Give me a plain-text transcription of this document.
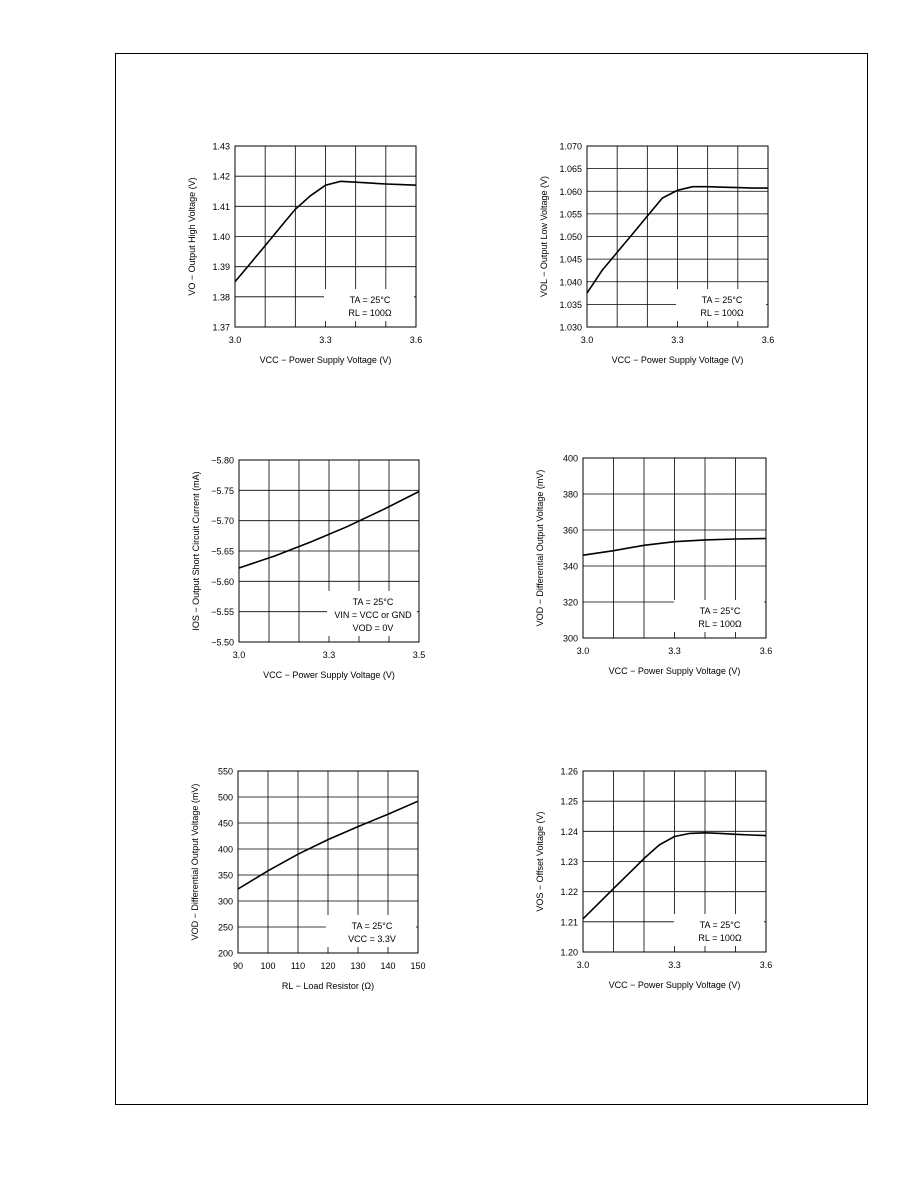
1.43
1.42
1.41
1.40
1.39
1.38
1.37
3.0	3.3	3.6
VCC − Power Supply Voltage (V)
VO − Output High Voltage (V)
TA = 25°C
RL = 100Ω
1.070
1.065
1.060
1.055
1.050
1.045
1.040
1.035
1.030
3.0	3.3	3.6
VCC − Power Supply Voltage (V)
VOL − Output Low Voltage (V)
TA = 25°C
RL = 100Ω
−5.80
−5.75
−5.70
−5.65
−5.60
−5.55
−5.50
3.0	3.3	3.5
VCC − Power Supply Voltage (V)
IOS − Output Short Circuit Current (mA)	TA = 25°C
VIN = VCC or GND
VOD = 0V
400
380
360
340
320
300
3.0	3.3	3.6
VCC − Power Supply Voltage (V)
VOD − Differential Output Voltage (mV)	TA = 25°C
RL = 100Ω
550
500
450
400
350
300
250
200
90 100 110 120 130 140 150
RL − Load Resistor (Ω)
VOD − Differential Output Voltage (mV)	TA = 25°C
VCC = 3.3V
1.26
1.25
1.24
1.23
1.22
1.21
1.20
3.0	3.3	3.6
VCC − Power Supply Voltage (V)
VOS − Offset Voltage (V)
TA = 25°C
RL = 100Ω
